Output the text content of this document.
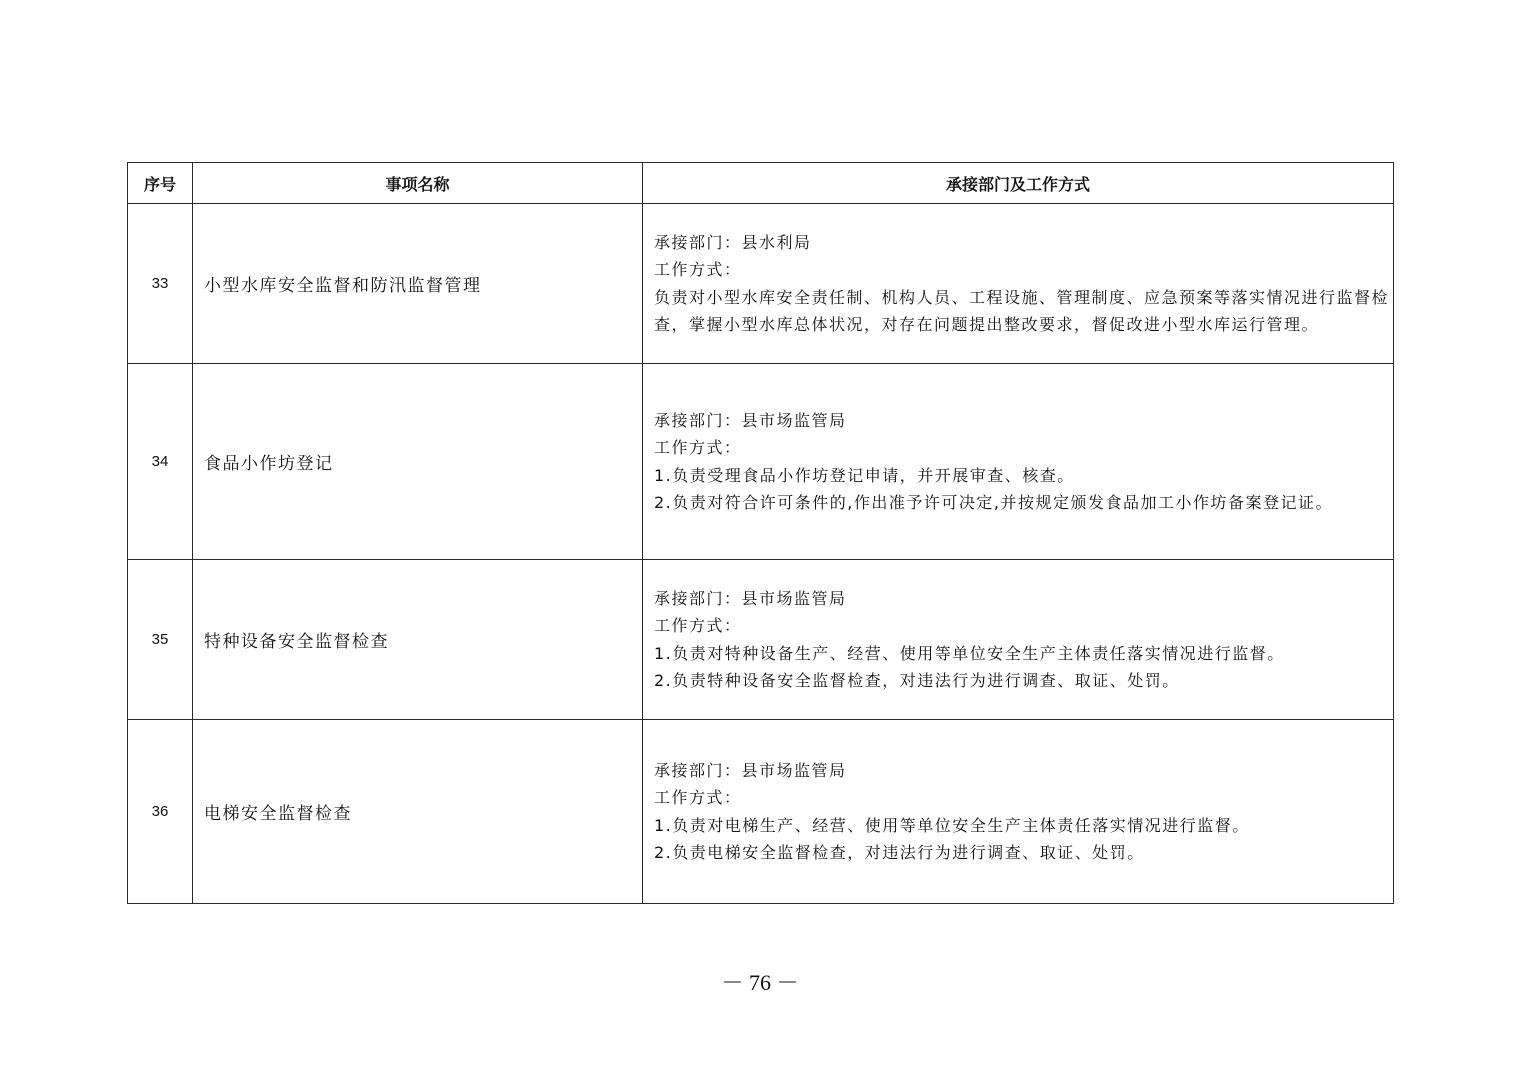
序号	事项名称	承接部门及工作方式
33	小型水库安全监督和防汛监督管理	承接部门：县水利局
工作方式：
负责对小型水库安全责任制、机构人员、工程设施、管理制度、应急预案等落实情况进行监督检查，掌握小型水库总体状况，对存在问题提出整改要求，督促改进小型水库运行管理。

34	食品小作坊登记	承接部门：县市场监管局
工作方式：
1.负责受理食品小作坊登记申请，并开展审查、核查。
2.负责对符合许可条件的,作出准予许可决定,并按规定颁发食品加工小作坊备案登记证。

35	特种设备安全监督检查	承接部门：县市场监管局
工作方式：
1.负责对特种设备生产、经营、使用等单位安全生产主体责任落实情况进行监督。
2.负责特种设备安全监督检查，对违法行为进行调查、取证、处罚。

36	电梯安全监督检查	承接部门：县市场监管局
工作方式：
1.负责对电梯生产、经营、使用等单位安全生产主体责任落实情况进行监督。
2.负责电梯安全监督检查，对违法行为进行调查、取证、处罚。
－ 76 －
